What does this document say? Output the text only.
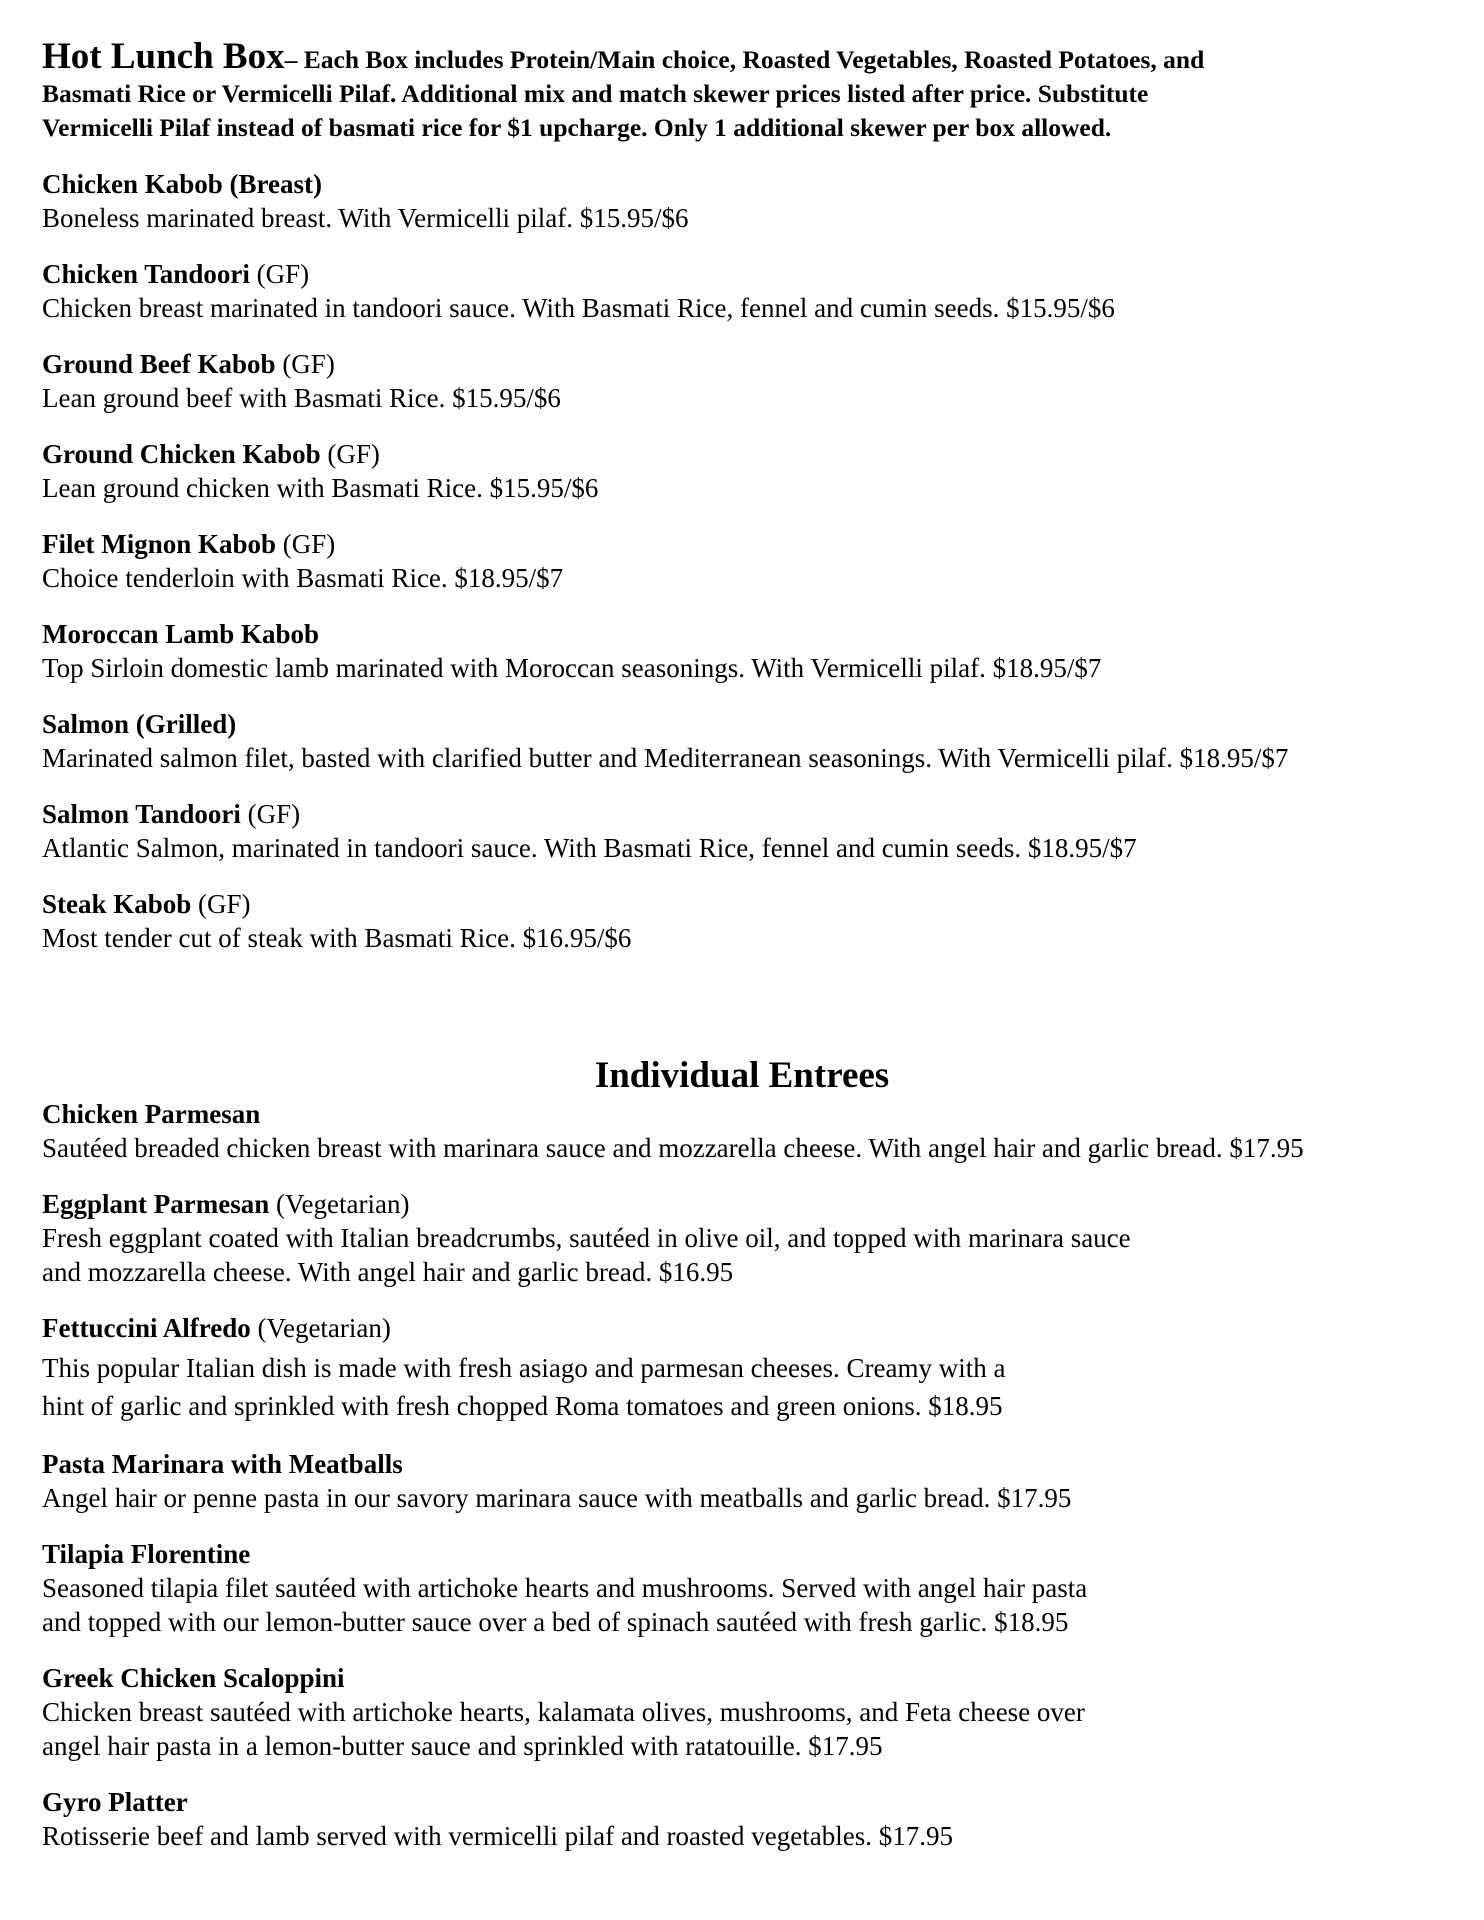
Hot Lunch Box– Each Box includes Protein/Main choice, Roasted Vegetables, Roasted Potatoes, and
Basmati Rice or Vermicelli Pilaf. Additional mix and match skewer prices listed after price. Substitute
Vermicelli Pilaf instead of basmati rice for $1 upcharge. Only 1 additional skewer per box allowed.
Chicken Kabob (Breast)
Boneless marinated breast. With Vermicelli pilaf. $15.95/$6
Chicken Tandoori (GF)
Chicken breast marinated in tandoori sauce. With Basmati Rice, fennel and cumin seeds. $15.95/$6
Ground Beef Kabob (GF)
Lean ground beef with Basmati Rice. $15.95/$6
Ground Chicken Kabob (GF)
Lean ground chicken with Basmati Rice. $15.95/$6
Filet Mignon Kabob (GF)
Choice tenderloin with Basmati Rice. $18.95/$7
Moroccan Lamb Kabob
Top Sirloin domestic lamb marinated with Moroccan seasonings. With Vermicelli pilaf. $18.95/$7
Salmon (Grilled)
Marinated salmon filet, basted with clarified butter and Mediterranean seasonings. With Vermicelli pilaf. $18.95/$7
Salmon Tandoori (GF)
Atlantic Salmon, marinated in tandoori sauce. With Basmati Rice, fennel and cumin seeds. $18.95/$7
Steak Kabob (GF)
Most tender cut of steak with Basmati Rice. $16.95/$6
Individual Entrees
Chicken Parmesan
Sautéed breaded chicken breast with marinara sauce and mozzarella cheese. With angel hair and garlic bread. $17.95
Eggplant Parmesan (Vegetarian)
Fresh eggplant coated with Italian breadcrumbs, sautéed in olive oil, and topped with marinara sauce
and mozzarella cheese. With angel hair and garlic bread. $16.95
Fettuccini Alfredo (Vegetarian)
This popular Italian dish is made with fresh asiago and parmesan cheeses. Creamy with a
hint of garlic and sprinkled with fresh chopped Roma tomatoes and green onions. $18.95
Pasta Marinara with Meatballs
Angel hair or penne pasta in our savory marinara sauce with meatballs and garlic bread. $17.95
Tilapia Florentine
Seasoned tilapia filet sautéed with artichoke hearts and mushrooms. Served with angel hair pasta
and topped with our lemon-butter sauce over a bed of spinach sautéed with fresh garlic. $18.95
Greek Chicken Scaloppini
Chicken breast sautéed with artichoke hearts, kalamata olives, mushrooms, and Feta cheese over
angel hair pasta in a lemon-butter sauce and sprinkled with ratatouille. $17.95
Gyro Platter
Rotisserie beef and lamb served with vermicelli pilaf and roasted vegetables. $17.95
